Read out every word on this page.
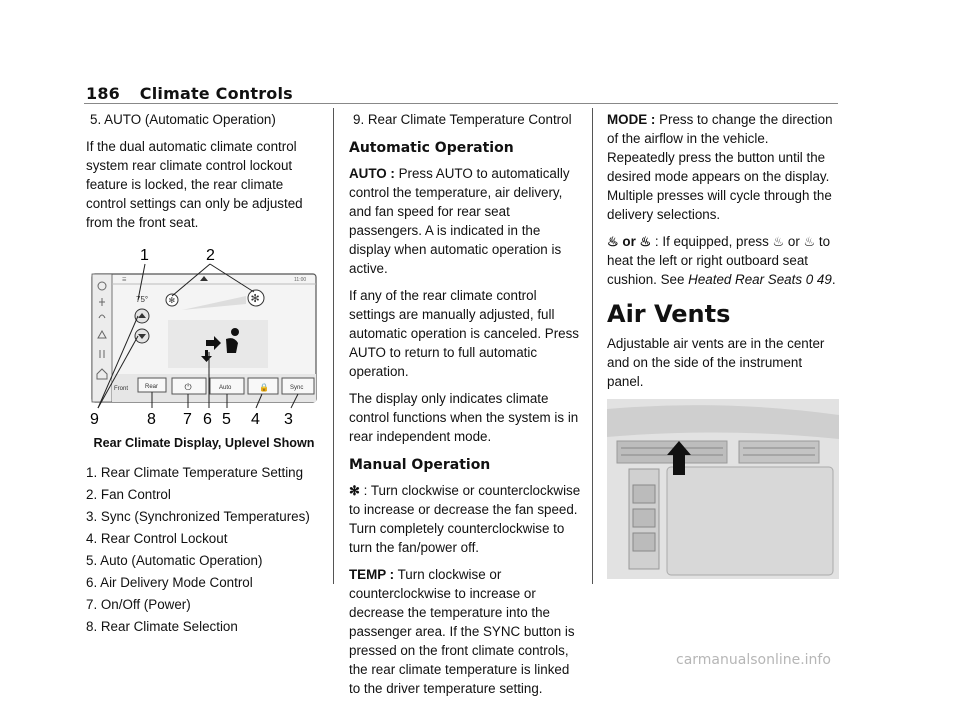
186 Climate Controls

5. AUTO (Automatic Operation)

If the dual automatic climate control system rear climate control lockout feature is locked, the rear climate control settings can only be adjusted from the front seat.

1	2
☰	11:00
75°	✻	✻
Front	Rear	⏻	Auto	🔒	Sync
9	8 7 6 5 4 3
Rear Climate Display, Uplevel Shown
1. Rear Climate Temperature Setting
2. Fan Control
3. Sync (Synchronized Temperatures)
4. Rear Control Lockout
5. Auto (Automatic Operation)
6. Air Delivery Mode Control
7. On/Off (Power)
8. Rear Climate Selection

9. Rear Climate Temperature Control

Automatic Operation

AUTO : Press AUTO to automatically control the temperature, air delivery, and fan speed for rear seat passengers. A is indicated in the display when automatic operation is active.

If any of the rear climate control settings are manually adjusted, full automatic operation is canceled. Press AUTO to return to full automatic operation.

The display only indicates climate control functions when the system is in rear independent mode.

Manual Operation

✻ : Turn clockwise or counterclockwise to increase or decrease the fan speed. Turn completely counterclockwise to turn the fan/power off.

TEMP : Turn clockwise or counterclockwise to increase or decrease the temperature into the passenger area. If the SYNC button is pressed on the front climate controls, the rear climate temperature is linked to the driver temperature setting.

MODE : Press to change the direction of the airflow in the vehicle. Repeatedly press the button until the desired mode appears on the display. Multiple presses will cycle through the delivery selections.

♨ or ♨ : If equipped, press ♨ or ♨ to heat the left or right outboard seat cushion. See Heated Rear Seats 0 49.

Air Vents

Adjustable air vents are in the center and on the side of the instrument panel.

carmanualsonline.info
